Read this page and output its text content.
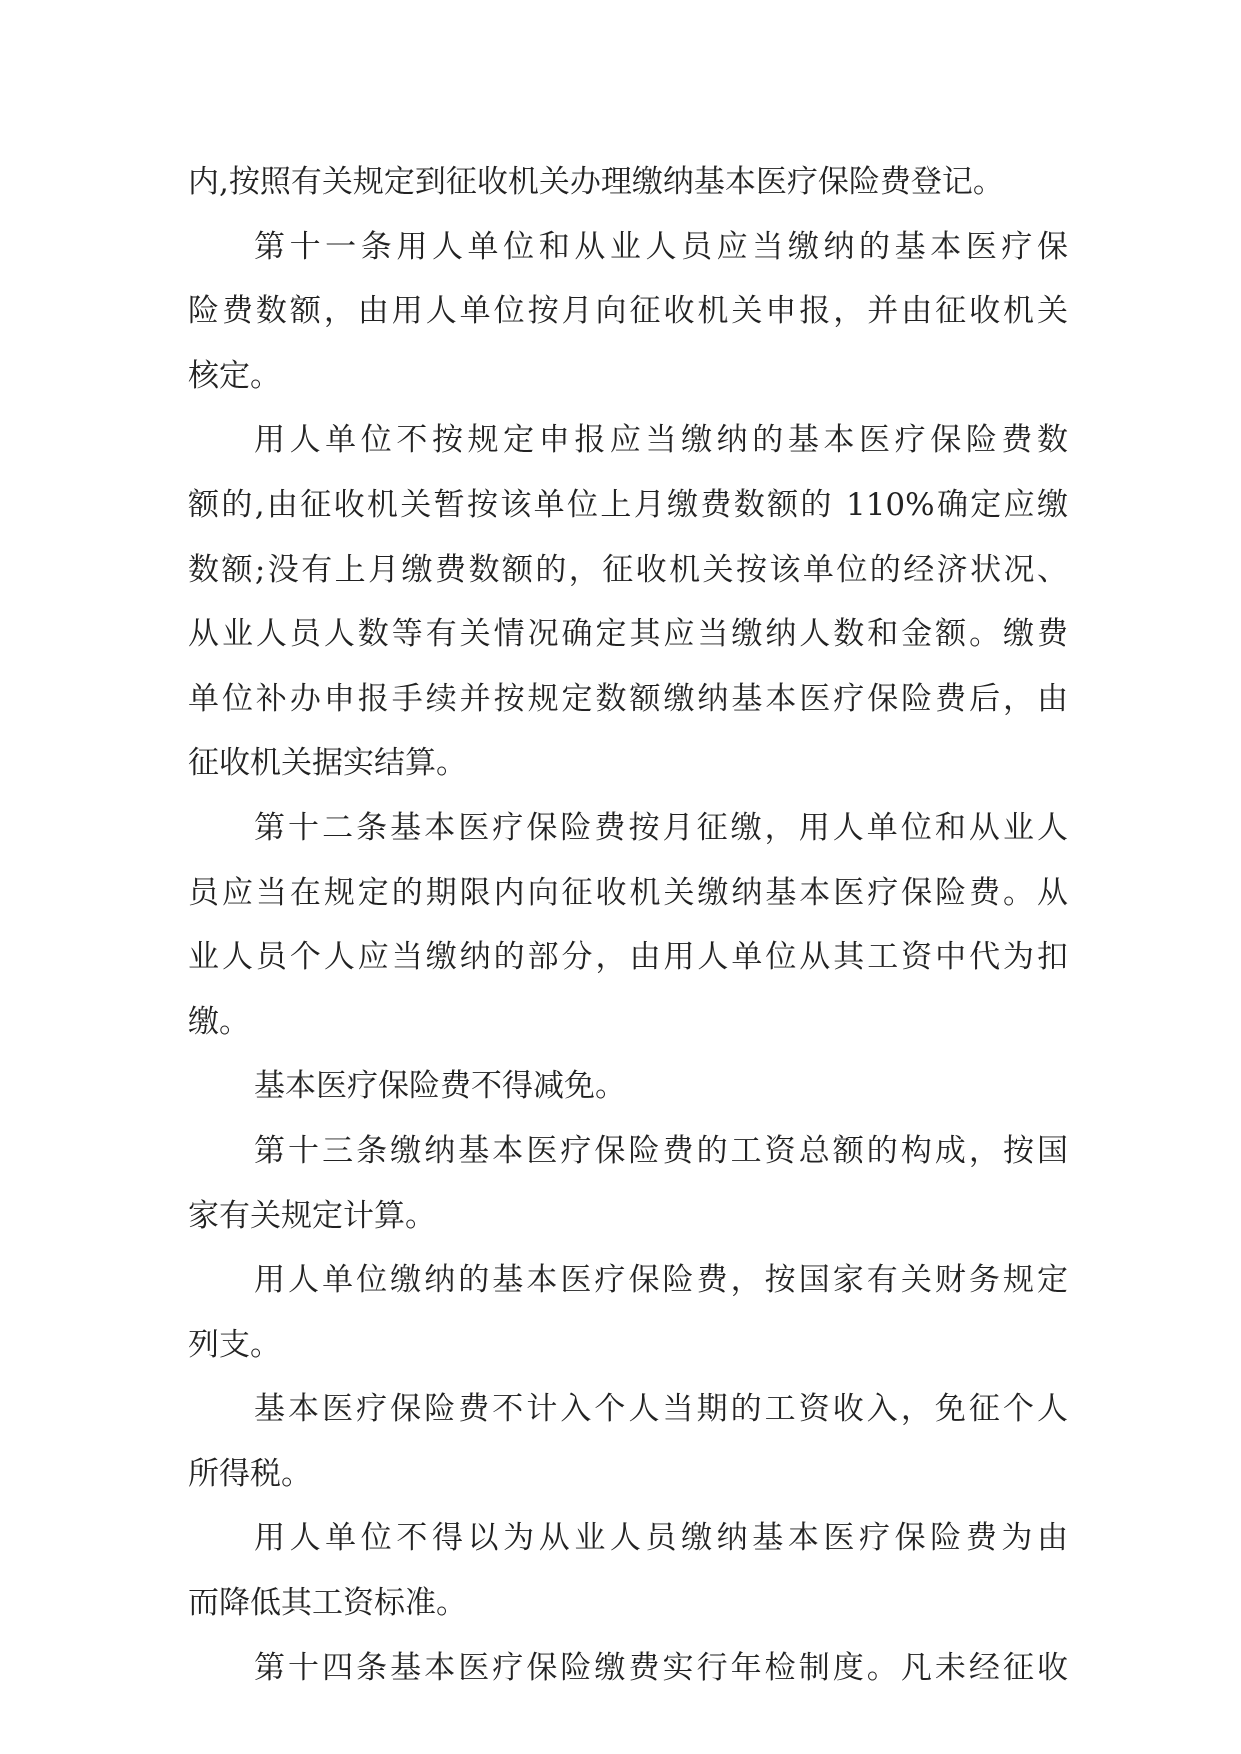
内,按照有关规定到征收机关办理缴纳基本医疗保险费登记。
第十一条用人单位和从业人员应当缴纳的基本医疗保
险费数额，由用人单位按月向征收机关申报，并由征收机关
核定。
用人单位不按规定申报应当缴纳的基本医疗保险费数
额的,由征收机关暂按该单位上月缴费数额的 110%确定应缴
数额;没有上月缴费数额的，征收机关按该单位的经济状况、
从业人员人数等有关情况确定其应当缴纳人数和金额。缴费
单位补办申报手续并按规定数额缴纳基本医疗保险费后，由
征收机关据实结算。
第十二条基本医疗保险费按月征缴，用人单位和从业人
员应当在规定的期限内向征收机关缴纳基本医疗保险费。从
业人员个人应当缴纳的部分，由用人单位从其工资中代为扣
缴。
基本医疗保险费不得减免。
第十三条缴纳基本医疗保险费的工资总额的构成，按国
家有关规定计算。
用人单位缴纳的基本医疗保险费，按国家有关财务规定
列支。
基本医疗保险费不计入个人当期的工资收入，免征个人
所得税。
用人单位不得以为从业人员缴纳基本医疗保险费为由
而降低其工资标准。
第十四条基本医疗保险缴费实行年检制度。凡未经征收
